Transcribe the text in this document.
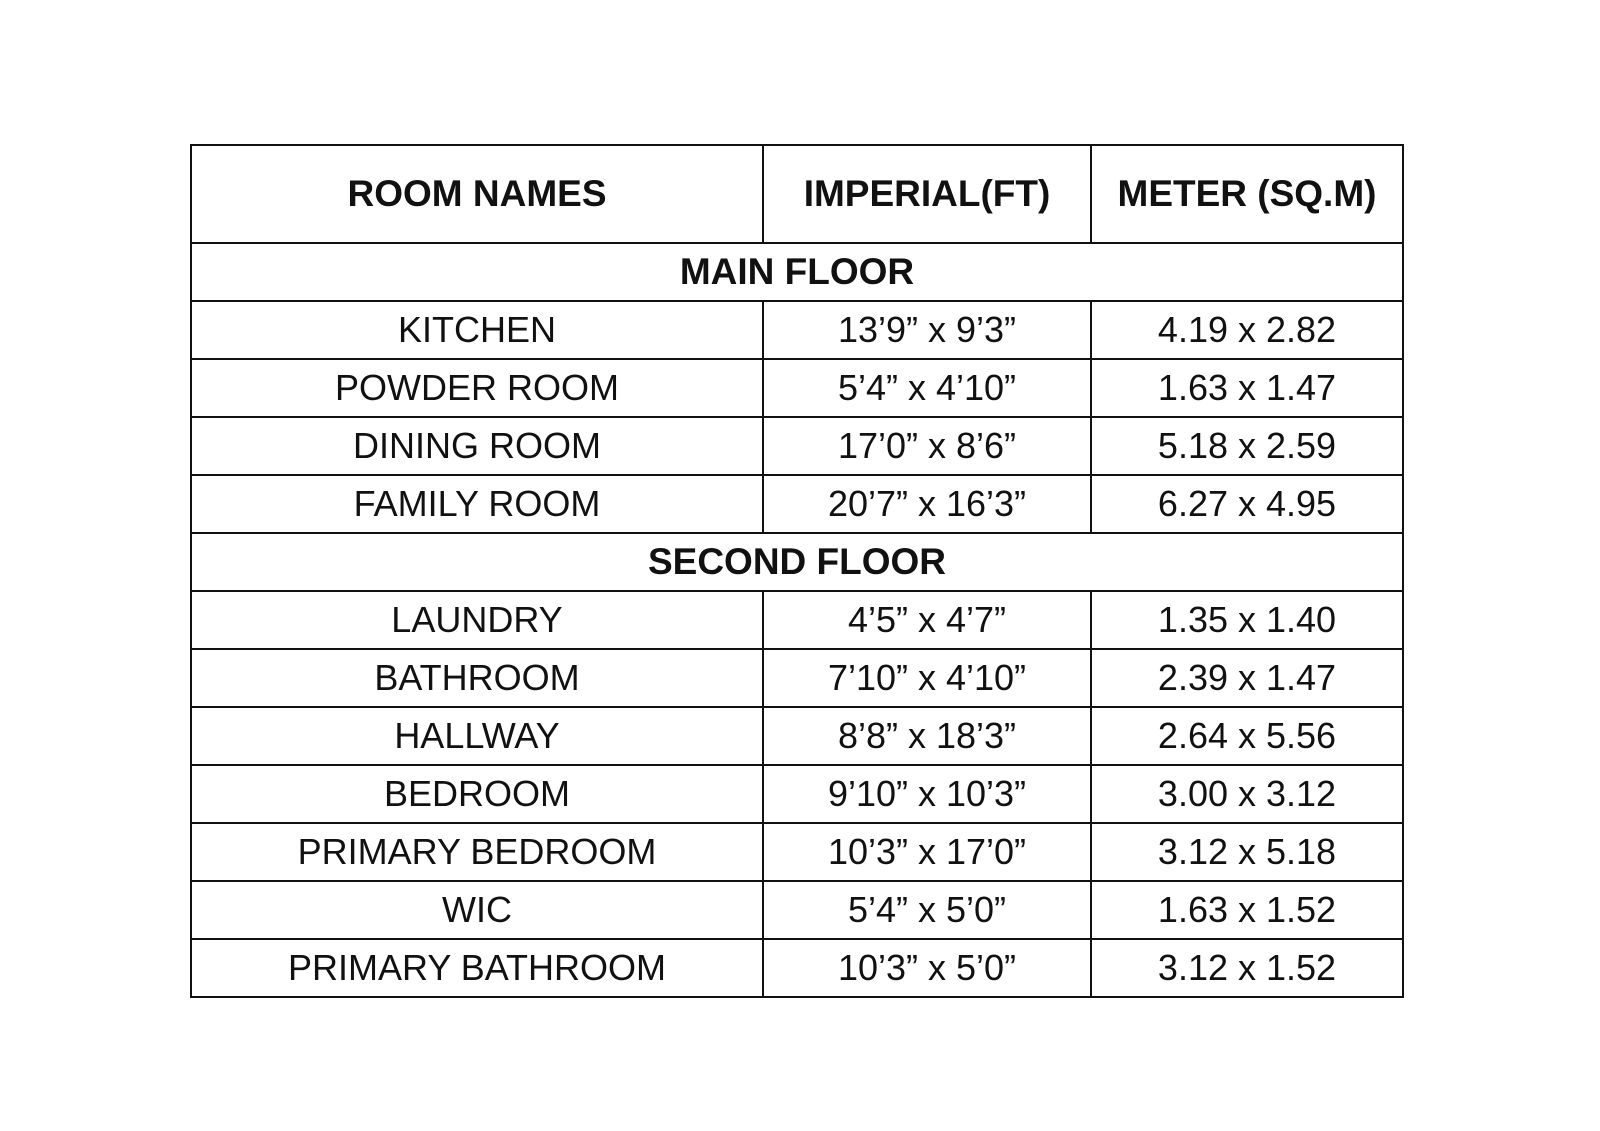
ROOM NAMES	IMPERIAL(FT)	METER (SQ.M)
MAIN FLOOR		
KITCHEN	13’9” x 9’3”	4.19 x 2.82
POWDER ROOM	5’4” x 4’10”	1.63 x 1.47
DINING ROOM	17’0” x 8’6”	5.18 x 2.59
FAMILY ROOM	20’7” x 16’3”	6.27 x 4.95
SECOND FLOOR		
LAUNDRY	4’5” x 4’7”	1.35 x 1.40
BATHROOM	7’10” x 4’10”	2.39 x 1.47
HALLWAY	8’8” x 18’3”	2.64 x 5.56
BEDROOM	9’10” x 10’3”	3.00 x 3.12
PRIMARY BEDROOM	10’3” x 17’0”	3.12 x 5.18
WIC	5’4” x 5’0”	1.63 x 1.52
PRIMARY BATHROOM	10’3” x 5’0”	3.12 x 1.52
